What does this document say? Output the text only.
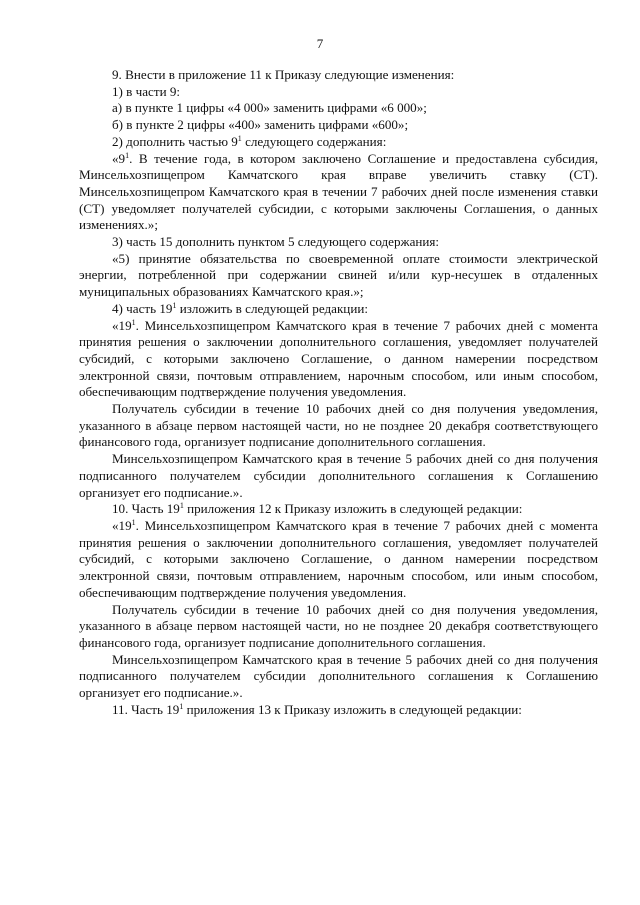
7

9. Внести в приложение 11 к Приказу следующие изменения:

1) в части 9:

а) в пункте 1 цифры «4 000» заменить цифрами «6 000»;

б) в пункте 2 цифры «400» заменить цифрами «600»;

2) дополнить частью $9^1$ следующего содержания:

«$9^1$. В течение года, в котором заключено Соглашение и предоставлена субсидия, Минсельхозпищепром Камчатского края вправе увеличить ставку (СТ). Минсельхозпищепром Камчатского края в течении 7 рабочих дней после изменения ставки (СТ) уведомляет получателей субсидии, с которыми заключены Соглашения, о данных изменениях.»;

3) часть 15 дополнить пунктом 5 следующего содержания:

«5) принятие обязательства по своевременной оплате стоимости электрической энергии, потребленной при содержании свиней и/или кур-несушек в отдаленных муниципальных образованиях Камчатского края.»;

4) часть $19^1$ изложить в следующей редакции:

«$19^1$. Минсельхозпищепром Камчатского края в течение 7 рабочих дней с момента принятия решения о заключении дополнительного соглашения, уведомляет получателей субсидий, с которыми заключено Соглашение, о данном намерении посредством электронной связи, почтовым отправлением, нарочным способом, или иным способом, обеспечивающим подтверждение получения уведомления.

Получатель субсидии в течение 10 рабочих дней со дня получения уведомления, указанного в абзаце первом настоящей части, но не позднее 20 декабря соответствующего финансового года, организует подписание дополнительного соглашения.

Минсельхозпищепром Камчатского края в течение 5 рабочих дней со дня получения подписанного получателем субсидии дополнительного соглашения к Соглашению организует его подписание.».

10. Часть $19^1$ приложения 12 к Приказу изложить в следующей редакции:

«$19^1$. Минсельхозпищепром Камчатского края в течение 7 рабочих дней с момента принятия решения о заключении дополнительного соглашения, уведомляет получателей субсидий, с которыми заключено Соглашение, о данном намерении посредством электронной связи, почтовым отправлением, нарочным способом, или иным способом, обеспечивающим подтверждение получения уведомления.

Получатель субсидии в течение 10 рабочих дней со дня получения уведомления, указанного в абзаце первом настоящей части, но не позднее 20 декабря соответствующего финансового года, организует подписание дополнительного соглашения.

Минсельхозпищепром Камчатского края в течение 5 рабочих дней со дня получения подписанного получателем субсидии дополнительного соглашения к Соглашению организует его подписание.».

11. Часть $19^1$ приложения 13 к Приказу изложить в следующей редакции:
